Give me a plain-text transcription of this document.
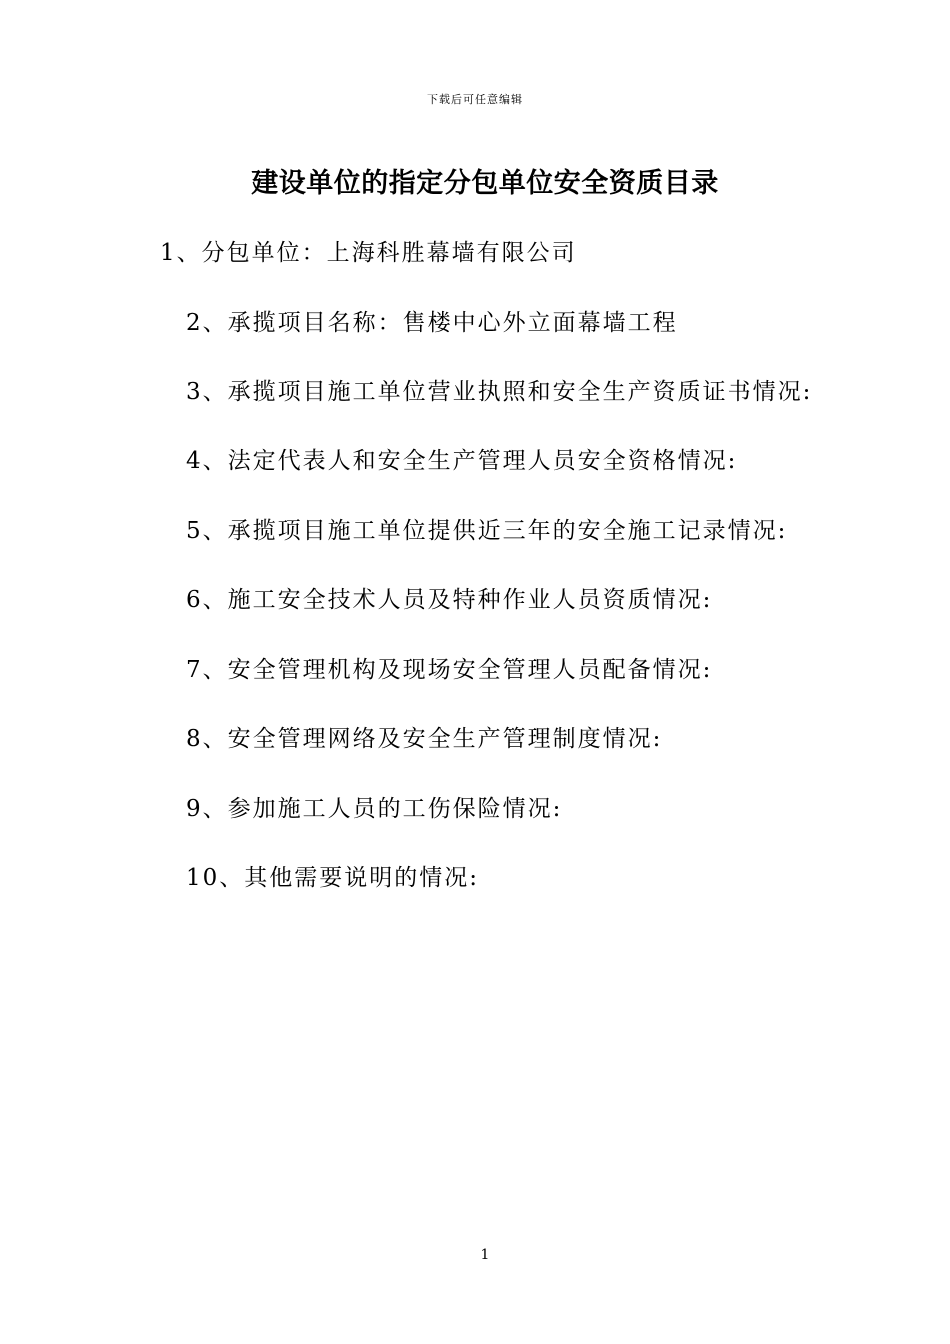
下载后可任意编辑
建设单位的指定分包单位安全资质目录
1、分包单位：上海科胜幕墙有限公司
2、承揽项目名称：售楼中心外立面幕墙工程
3、承揽项目施工单位营业执照和安全生产资质证书情况:
4、法定代表人和安全生产管理人员安全资格情况:
5、承揽项目施工单位提供近三年的安全施工记录情况:
6、施工安全技术人员及特种作业人员资质情况:
7、安全管理机构及现场安全管理人员配备情况:
8、安全管理网络及安全生产管理制度情况:
9、参加施工人员的工伤保险情况:
10、其他需要说明的情况:
1
